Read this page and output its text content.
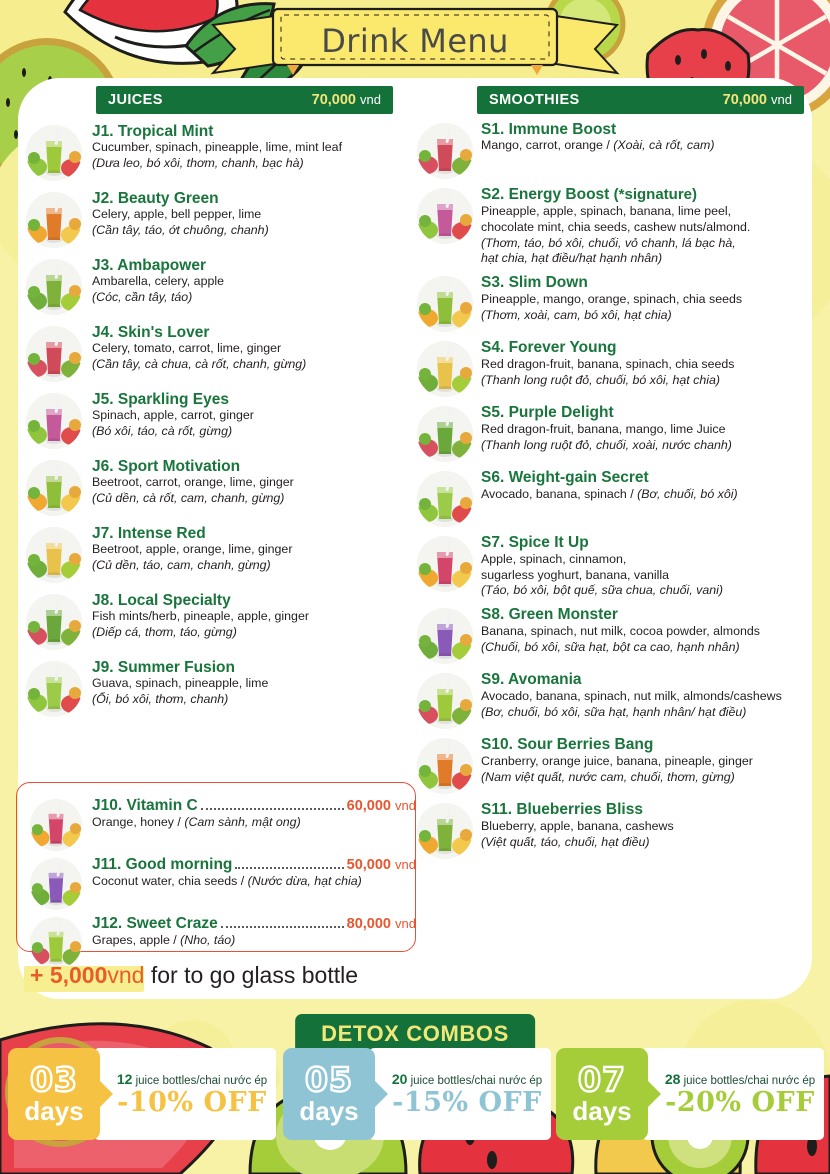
Drink Menu
JUICES	70,000 vnd
J1. Tropical Mint
Cucumber, spinach, pineapple, lime, mint leaf
(Dưa leo, bó xôi, thơm, chanh, bạc hà)
J2. Beauty Green
Celery, apple, bell pepper, lime
(Cần tây, táo, ớt chuông, chanh)
J3. Ambapower
Ambarella, celery, apple
(Cóc, cần tây, táo)
J4. Skin's Lover
Celery, tomato, carrot, lime, ginger
(Cần tây, cà chua, cà rốt, chanh, gừng)
J5. Sparkling Eyes
Spinach, apple, carrot, ginger
(Bó xôi, táo, cà rốt, gừng)
J6. Sport Motivation
Beetroot, carrot, orange, lime, ginger
(Củ dền, cà rốt, cam, chanh, gừng)
J7. Intense Red
Beetroot, apple, orange, lime, ginger
(Củ dền, táo, cam, chanh, gừng)
J8. Local Specialty
Fish mints/herb, pineaple, apple, ginger
(Diếp cá, thơm, táo, gừng)
J9. Summer Fusion
Guava, spinach, pineapple, lime
(Ổi, bó xôi, thơm, chanh)
SMOOTHIES	70,000 vnd
S1. Immune Boost
Mango, carrot, orange / (Xoài, cà rốt, cam)
S2. Energy Boost (*signature)
Pineapple, apple, spinach, banana, lime peel,
chocolate mint, chia seeds, cashew nuts/almond.
(Thơm, táo, bó xôi, chuối, vỏ chanh, lá bạc hà,
hạt chia, hạt điều/hạt hạnh nhân)
S3. Slim Down
Pineapple, mango, orange, spinach, chia seeds
(Thơm, xoài, cam, bó xôi, hạt chia)
S4. Forever Young
Red dragon-fruit, banana, spinach, chia seeds
(Thanh long ruột đỏ, chuối, bó xôi, hạt chia)
S5. Purple Delight
Red dragon-fruit, banana, mango, lime Juice
(Thanh long ruột đỏ, chuối, xoài, nước chanh)
S6. Weight-gain Secret
Avocado, banana, spinach / (Bơ, chuối, bó xôi)
S7. Spice It Up
Apple, spinach, cinnamon,
sugarless yoghurt, banana, vanilla
(Táo, bó xôi, bột quế, sữa chua, chuối, vani)
S8. Green Monster
Banana, spinach, nut milk, cocoa powder, almonds
(Chuối, bó xôi, sữa hạt, bột ca cao, hạnh nhân)
S9. Avomania
Avocado, banana, spinach, nut milk, almonds/cashews
(Bơ, chuối, bó xôi, sữa hạt, hạnh nhân/ hạt điều)
S10. Sour Berries Bang
Cranberry, orange juice, banana, pineaple, ginger
(Nam việt quất, nước cam, chuối, thơm, gừng)
S11. Blueberries Bliss
Blueberry, apple, banana, cashews
(Việt quất, táo, chuối, hạt điều)
J10. Vitamin C	60,000 vnd
Orange, honey / (Cam sành, mật ong)
J11. Good morning	50,000 vnd
Coconut water, chia seeds / (Nước dừa, hạt chia)
J12. Sweet Craze	80,000 vnd
Grapes, apple / (Nho, táo)
+ 5,000vnd for to go glass bottle
DETOX COMBOS
03
days
12 juice bottles/chai nước ép
-10% OFF
05
days
20 juice bottles/chai nước ép
-15% OFF
07
days
28 juice bottles/chai nước ép
-20% OFF
